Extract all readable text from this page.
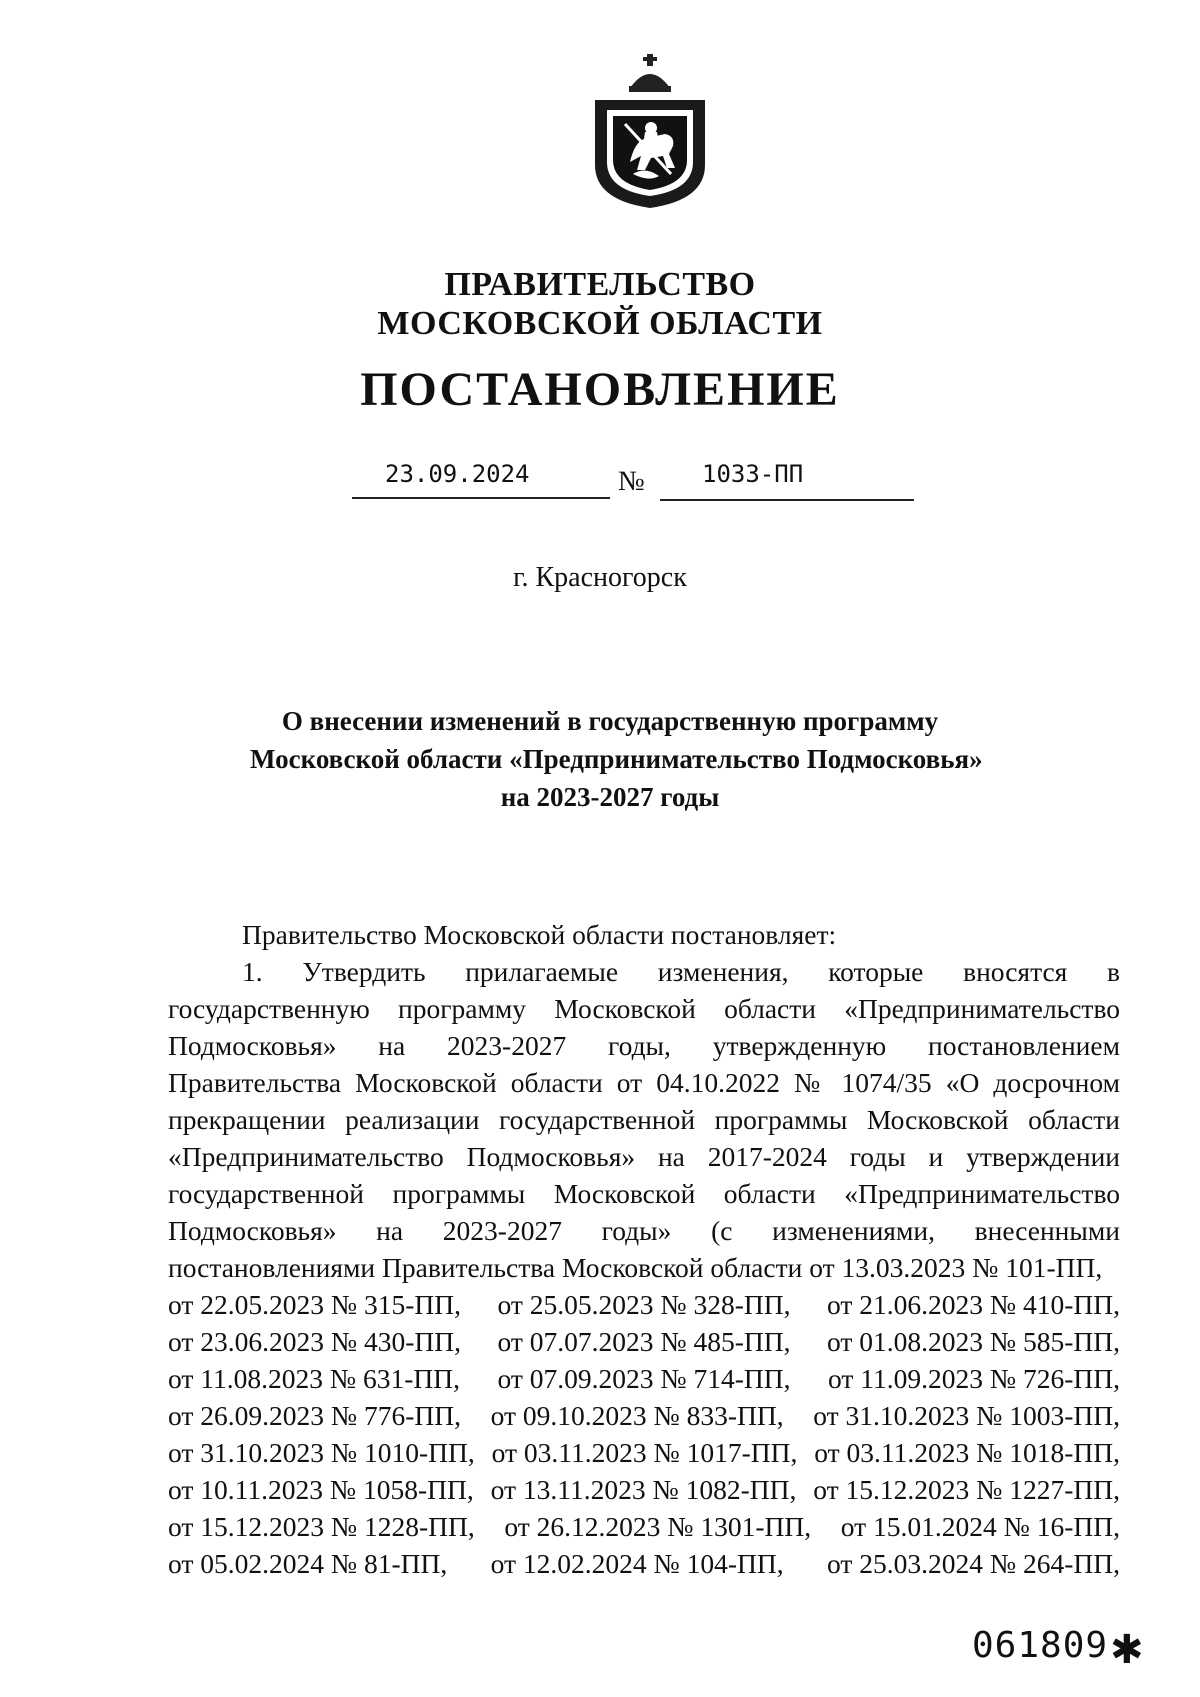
ПРАВИТЕЛЬСТВО
МОСКОВСКОЙ ОБЛАСТИ
ПОСТАНОВЛЕНИЕ
23.09.2024	№ 1033-ПП
г. Красногорск
О внесении изменений в государственную программу
Московской области «Предпринимательство Подмосковья»
на 2023-2027 годы
Правительство Московской области постановляет:
1. Утвердить прилагаемые изменения, которые вносятся в государственную программу Московской области «Предпринимательство Подмосковья» на 2023-2027 годы, утвержденную постановлением Правительства Московской области от 04.10.2022 № 1074/35 «О досрочном прекращении реализации государственной программы Московской области «Предпринимательство Подмосковья» на 2017-2024 годы и утверждении государственной программы Московской области «Предпринимательство Подмосковья» на 2023-2027 годы» (с изменениями, внесенными постановлениями Правительства Московской области от 13.03.2023 № 101-ПП,
от 22.05.2023 № 315-ПП, от 25.05.2023 № 328-ПП, от 21.06.2023 № 410-ПП,
от 23.06.2023 № 430-ПП, от 07.07.2023 № 485-ПП, от 01.08.2023 № 585-ПП,
от 11.08.2023 № 631-ПП, от 07.09.2023 № 714-ПП, от 11.09.2023 № 726-ПП,
от 26.09.2023 № 776-ПП, от 09.10.2023 № 833-ПП, от 31.10.2023 № 1003-ПП,
от 31.10.2023 № 1010-ПП, от 03.11.2023 № 1017-ПП, от 03.11.2023 № 1018-ПП,
от 10.11.2023 № 1058-ПП, от 13.11.2023 № 1082-ПП, от 15.12.2023 № 1227-ПП,
от 15.12.2023 № 1228-ПП, от 26.12.2023 № 1301-ПП, от 15.01.2024 № 16-ПП,
от 05.02.2024 № 81-ПП, от 12.02.2024 № 104-ПП, от 25.03.2024 № 264-ПП,
061809 ✱
